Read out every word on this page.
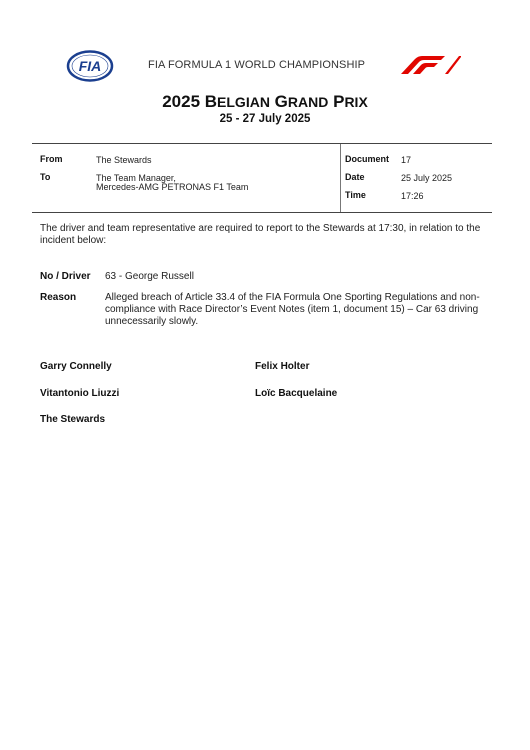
FIA	FIA FORMULA 1 WORLD CHAMPIONSHIP
2025 BELGIAN GRAND PRIX
25 - 27 July 2025
From	The Stewards
To	The Team Manager,
Mercedes-AMG PETRONAS F1 Team
Document 17
Date	25 July 2025
Time	17:26
The driver and team representative are required to report to the Stewards at 17:30, in relation to the incident below:
No / Driver 63 - George Russell
Reason	Alleged breach of Article 33.4 of the FIA Formula One Sporting Regulations and non-compliance with Race Director’s Event Notes (item 1, document 15) – Car 63 driving unnecessarily slowly.
Garry Connelly	Felix Holter
Vitantonio Liuzzi	Loïc Bacquelaine
The Stewards
